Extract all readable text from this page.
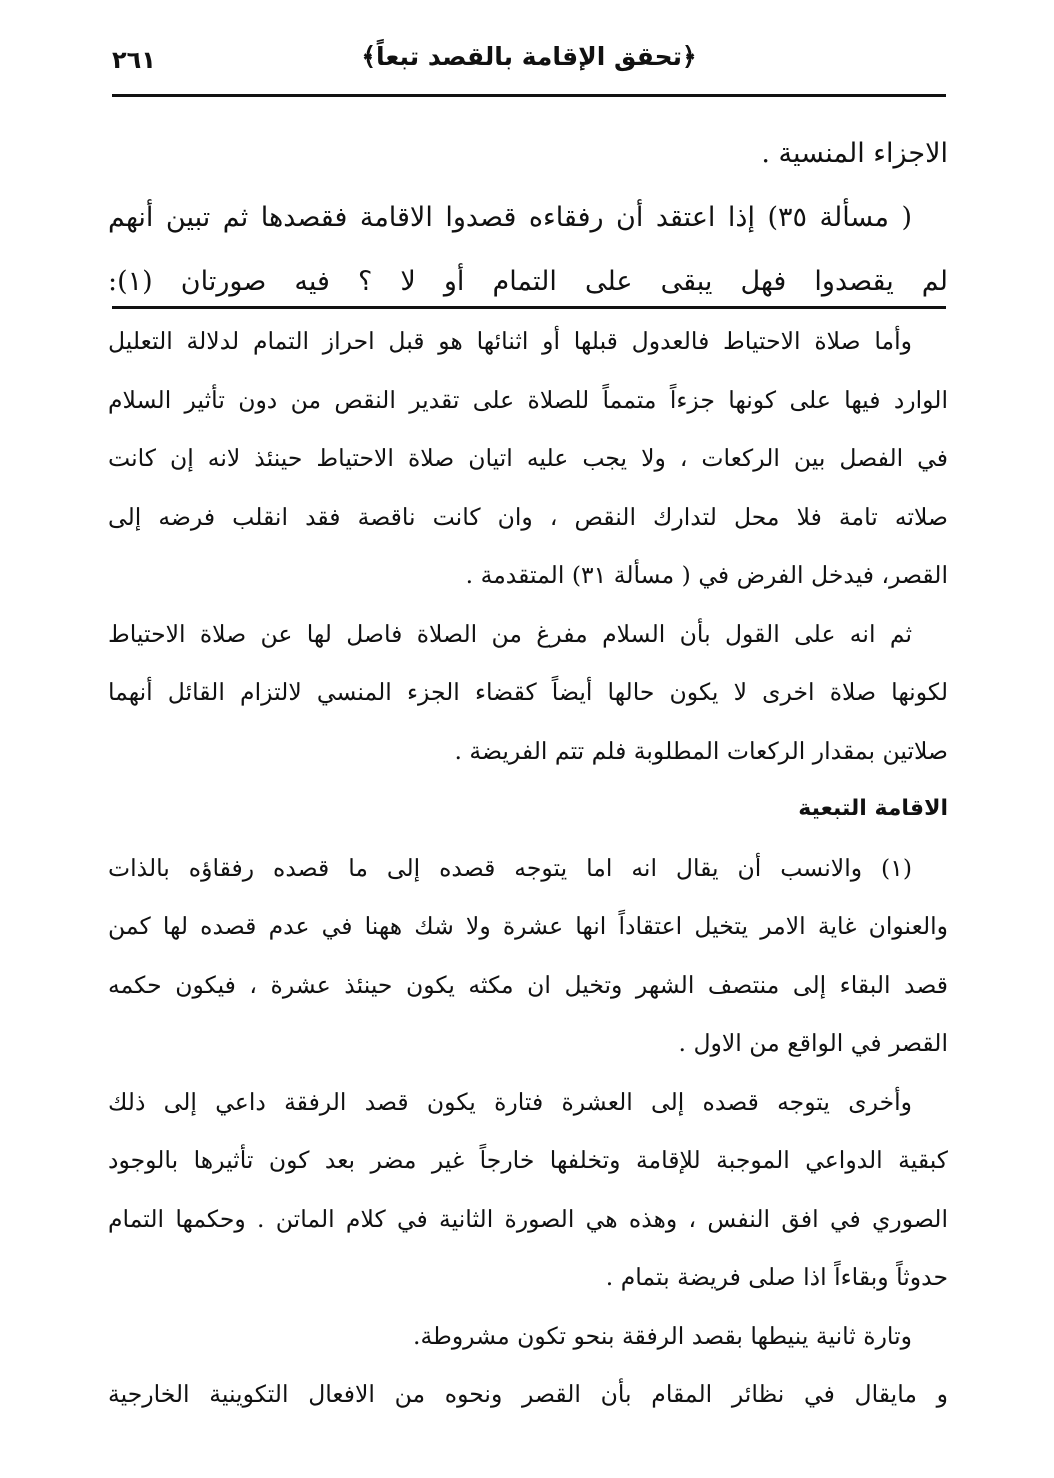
﴿تحقق الإقامة بالقصد تبعاً﴾
٢٦١
الاجزاء المنسية .
( مسألة ٣٥) إذا اعتقد أن رفقاءه قصدوا الاقامة فقصدها ثم تبين أنهم
لم يقصدوا فهل يبقى على التمام أو لا ؟ فيه صورتان (١):
وأما صلاة الاحتياط فالعدول قبلها أو اثنائها هو قبل احراز التمام لدلالة التعليل
الوارد فيها على كونها جزءاً متمماً للصلاة على تقدير النقص من دون تأثير السلام
في الفصل بين الركعات ، ولا يجب عليه اتيان صلاة الاحتياط حينئذ لانه إن كانت
صلاته تامة فلا محل لتدارك النقص ، وان كانت ناقصة فقد انقلب فرضه إلى
القصر، فيدخل الفرض في ( مسألة ٣١) المتقدمة .
ثم انه على القول بأن السلام مفرغ من الصلاة فاصل لها عن صلاة الاحتياط
لكونها صلاة اخرى لا يكون حالها أيضاً كقضاء الجزء المنسي لالتزام القائل أنهما
صلاتين بمقدار الركعات المطلوبة فلم تتم الفريضة .
الاقامة التبعية
(١) والانسب أن يقال انه اما يتوجه قصده إلى ما قصده رفقاؤه بالذات
والعنوان غاية الامر يتخيل اعتقاداً انها عشرة ولا شك ههنا في عدم قصده لها كمن
قصد البقاء إلى منتصف الشهر وتخيل ان مكثه يكون حينئذ عشرة ، فيكون حكمه
القصر في الواقع من الاول .
وأخرى يتوجه قصده إلى العشرة فتارة يكون قصد الرفقة داعي إلى ذلك
كبقية الدواعي الموجبة للإقامة وتخلفها خارجاً غير مضر بعد كون تأثيرها بالوجود
الصوري في افق النفس ، وهذه هي الصورة الثانية في كلام الماتن . وحكمها التمام
حدوثاً وبقاءاً اذا صلى فريضة بتمام .
وتارة ثانية ينيطها بقصد الرفقة بنحو تكون مشروطة.
و مايقال في نظائر المقام بأن القصر ونحوه من الافعال التكوينية الخارجية
